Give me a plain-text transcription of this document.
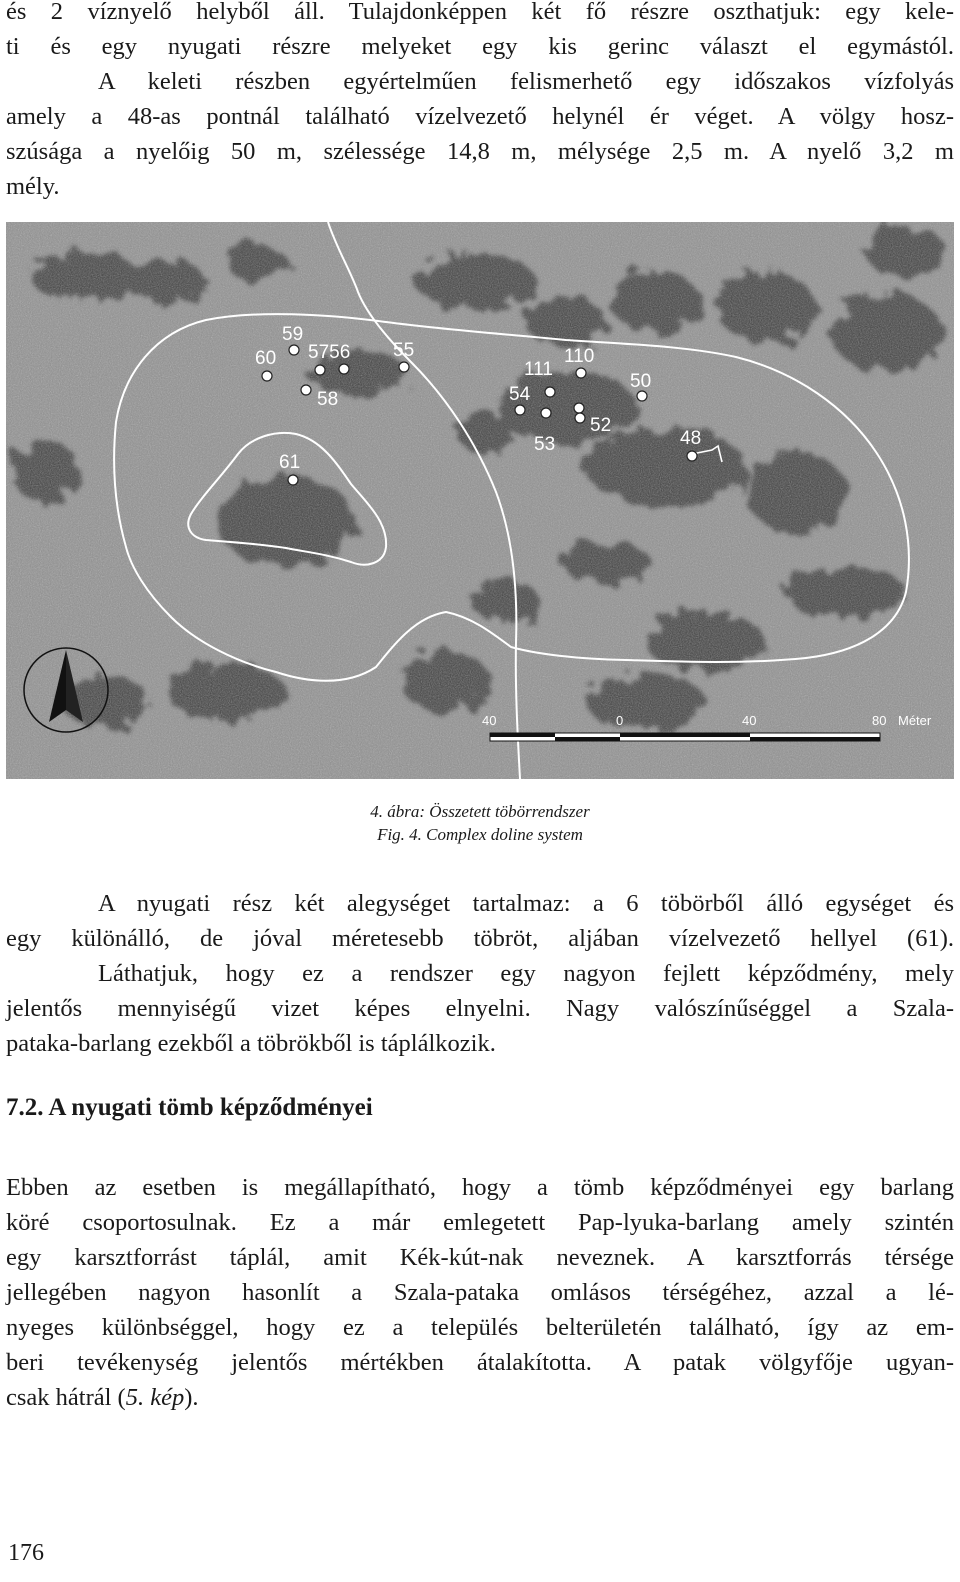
és 2 víznyelő helyből áll. Tulajdonképpen két fő részre oszthatjuk: egy kele-
ti és egy nyugati részre melyeket egy kis gerinc választ el egymástól.
A keleti részben egyértelműen felismerhető egy időszakos vízfolyás
amely a 48-as pontnál található vízelvezető helynél ér véget. A völgy hosz-
szúsága a nyelőig 50 m, szélessége 14,8 m, mélysége 2,5 m. A nyelő 3,2 m
mély.
59
60 5756
58
55
111
110
54
53
52
50
48
61
40	0	40	80 Méter
4. ábra: Összetett töbörrendszer
Fig. 4. Complex doline system
A nyugati rész két alegységet tartalmaz: a 6 töbörből álló egységet és
egy különálló, de jóval méretesebb töbröt, aljában vízelvezető hellyel (61).
Láthatjuk, hogy ez a rendszer egy nagyon fejlett képződmény, mely
jelentős mennyiségű vizet képes elnyelni. Nagy valószínűséggel a Szala-
pataka-barlang ezekből a töbrökből is táplálkozik.
7.2. A nyugati tömb képződményei
Ebben az esetben is megállapítható, hogy a tömb képződményei egy barlang
köré csoportosulnak. Ez a már emlegetett Pap-lyuka-barlang amely szintén
egy karsztforrást táplál, amit Kék-kút-nak neveznek. A karsztforrás térsége
jellegében nagyon hasonlít a Szala-pataka omlásos térségéhez, azzal a lé-
nyeges különbséggel, hogy ez a település belterületén található, így az em-
beri tevékenység jelentős mértékben átalakította. A patak völgyfője ugyan-
csak hátrál (5. kép).
176
